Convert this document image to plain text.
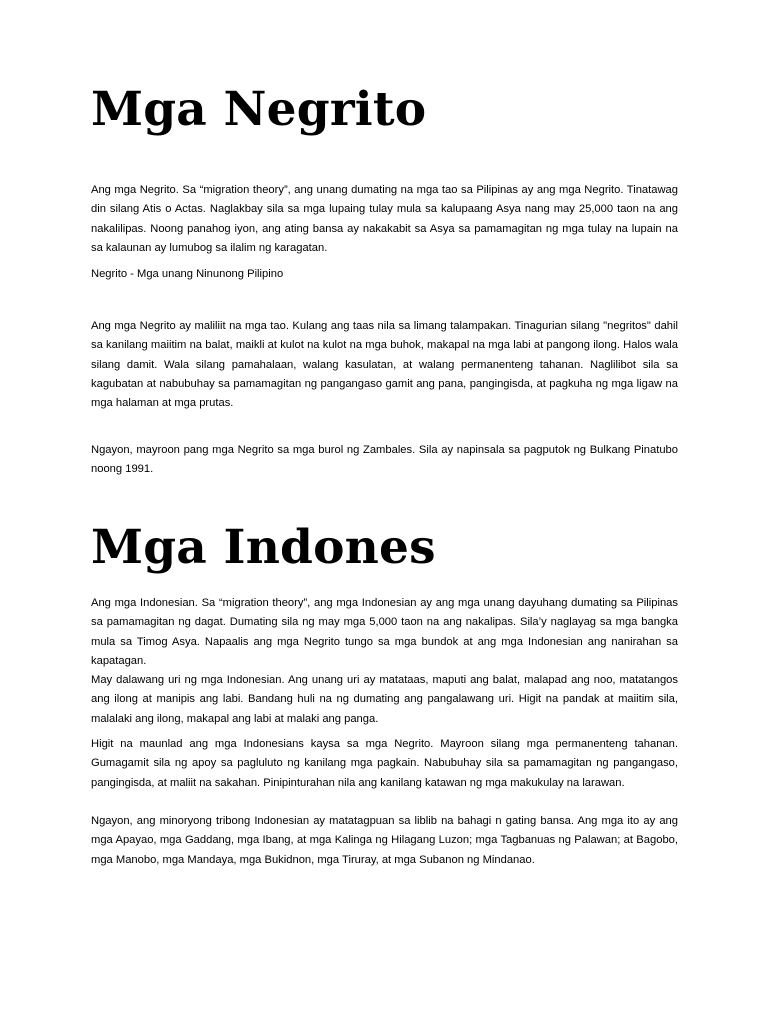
Mga Negrito

Ang mga Negrito. Sa “migration theory”, ang unang dumating na mga tao sa Pilipinas ay ang mga Negrito. Tinatawag din silang Atis o Actas. Naglakbay sila sa mga lupaing tulay mula sa kalupaang Asya nang may 25,000 taon na ang nakalilipas. Noong panahog iyon, ang ating bansa ay nakakabit sa Asya sa pamamagitan ng mga tulay na lupain na sa kalaunan ay lumubog sa ilalim ng karagatan.

Negrito - Mga unang Ninunong Pilipino

Ang mga Negrito ay maliliit na mga tao. Kulang ang taas nila sa limang talampakan. Tinagurian silang "negritos" dahil sa kanilang maiitim na balat, maikli at kulot na kulot na mga buhok, makapal na mga labi at pangong ilong. Halos wala silang damit. Wala silang pamahalaan, walang kasulatan, at walang permanenteng tahanan. Naglilibot sila sa kagubatan at nabubuhay sa pamamagitan ng pangangaso gamit ang pana, pangingisda, at pagkuha ng mga ligaw na mga halaman at mga prutas.

Ngayon, mayroon pang mga Negrito sa mga burol ng Zambales. Sila ay napinsala sa pagputok ng Bulkang Pinatubo noong 1991.

Mga Indones

Ang mga Indonesian. Sa “migration theory”, ang mga Indonesian ay ang mga unang dayuhang dumating sa Pilipinas sa pamamagitan ng dagat. Dumating sila ng may mga 5,000 taon na ang nakalipas. Sila’y naglayag sa mga bangka mula sa Timog Asya. Napaalis ang mga Negrito tungo sa mga bundok at ang mga Indonesian ang nanirahan sa kapatagan.

May dalawang uri ng mga Indonesian. Ang unang uri ay matataas, maputi ang balat, malapad ang noo, matatangos ang ilong at manipis ang labi. Bandang huli na ng dumating ang pangalawang uri. Higit na pandak at maiitim sila, malalaki ang ilong, makapal ang labi at malaki ang panga.

Higit na maunlad ang mga Indonesians kaysa sa mga Negrito. Mayroon silang mga permanenteng tahanan. Gumagamit sila ng apoy sa pagluluto ng kanilang mga pagkain. Nabubuhay sila sa pamamagitan ng pangangaso, pangingisda, at maliit na sakahan. Pinipinturahan nila ang kanilang katawan ng mga makukulay na larawan.

Ngayon, ang minoryong tribong Indonesian ay matatagpuan sa liblib na bahagi n gating bansa. Ang mga ito ay ang mga Apayao, mga Gaddang, mga Ibang, at mga Kalinga ng Hilagang Luzon; mga Tagbanuas ng Palawan; at Bagobo, mga Manobo, mga Mandaya, mga Bukidnon, mga Tiruray, at mga Subanon ng Mindanao.
